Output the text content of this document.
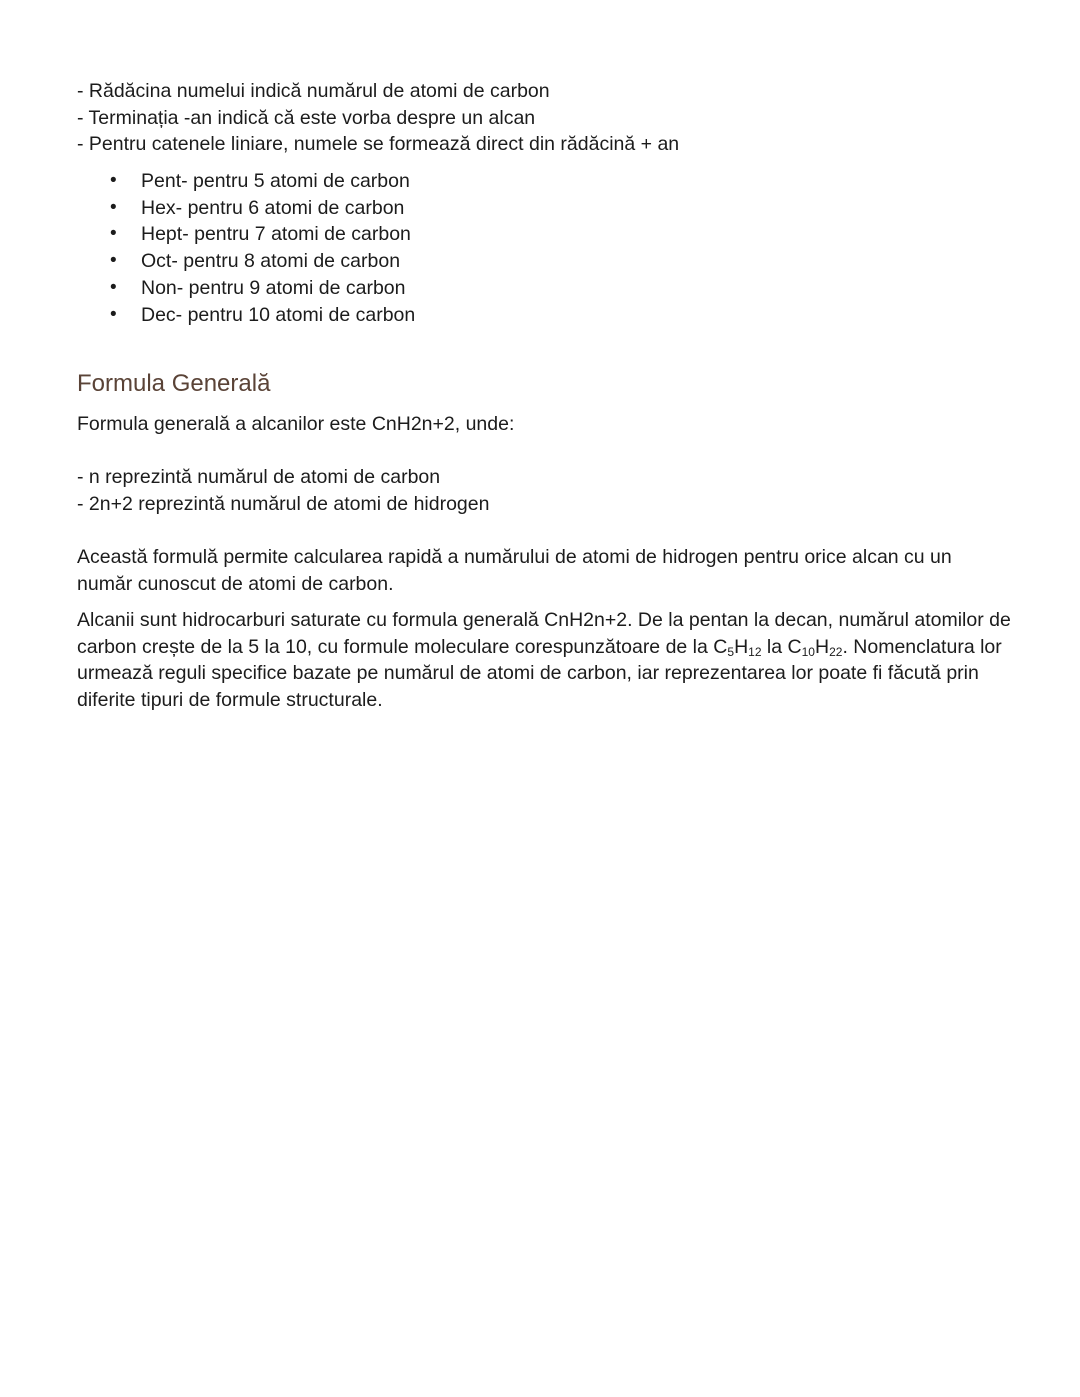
- Rădăcina numelui indică numărul de atomi de carbon
- Terminația -an indică că este vorba despre un alcan
- Pentru catenele liniare, numele se formează direct din rădăcină + an
• Pent- pentru 5 atomi de carbon
• Hex- pentru 6 atomi de carbon
• Hept- pentru 7 atomi de carbon
• Oct- pentru 8 atomi de carbon
• Non- pentru 9 atomi de carbon
• Dec- pentru 10 atomi de carbon
Formula Generală

Formula generală a alcanilor este CnH2n+2, unde:

- n reprezintă numărul de atomi de carbon
- 2n+2 reprezintă numărul de atomi de hidrogen

Această formulă permite calcularea rapidă a numărului de atomi de hidrogen pentru orice alcan cu un număr cunoscut de atomi de carbon.

Alcanii sunt hidrocarburi saturate cu formula generală CnH2n+2. De la pentan la decan, numărul atomilor de carbon crește de la 5 la 10, cu formule moleculare corespunzătoare de la $C_5H_{12}$ la $C_{10}H_{22}$. Nomenclatura lor urmează reguli specifice bazate pe numărul de atomi de carbon, iar reprezentarea lor poate fi făcută prin diferite tipuri de formule structurale.
